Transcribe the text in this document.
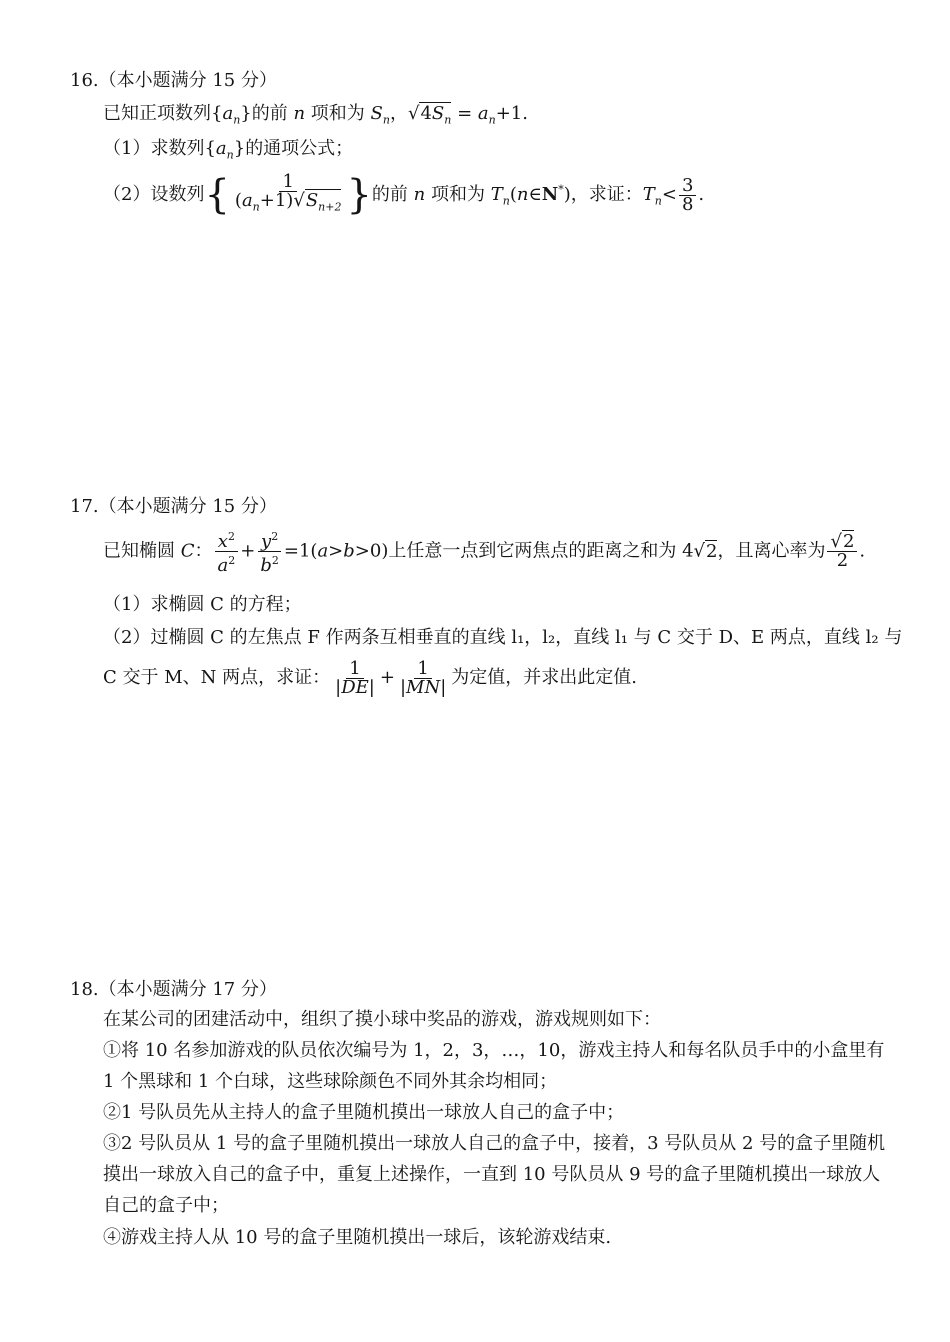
16.（本小题满分 15 分）
已知正项数列$\{a_n\}$的前 n 项和为 $S_n$，$√4S_n = a_n+1$.
（1）求数列$\{a_n\}$的通项公式；
（2）设数列{ $\frac{1}{(a_n+1)√S_{n+2}}$ }的前 n 项和为 $T_n(n\in N^*)$，求证：$T_n< \frac{3}{8}$ .
17.（本小题满分 15 分）
已知椭圆 C： $\frac{x^2}{a^2} + \frac{y^2}{b^2} =1(a>b>0)$上任意一点到它两焦点的距离之和为 4√2，且离心率为 $\frac{√2}{2}$ .
（1）求椭圆 C 的方程；
（2）过椭圆 C 的左焦点 F 作两条互相垂直的直线 l₁，l₂，直线 l₁ 与 C 交于 D、E 两点，直线 l₂ 与
C 交于 M、N 两点，求证： $\frac{1}{|DE|} + \frac{1}{|MN|}$ 为定值，并求出此定值.
18.（本小题满分 17 分）
在某公司的团建活动中，组织了摸小球中奖品的游戏，游戏规则如下：
①将 10 名参加游戏的队员依次编号为 1，2，3，…，10，游戏主持人和每名队员手中的小盒里有
1 个黑球和 1 个白球，这些球除颜色不同外其余均相同；
②1 号队员先从主持人的盒子里随机摸出一球放人自己的盒子中；
③2 号队员从 1 号的盒子里随机摸出一球放人自己的盒子中，接着，3 号队员从 2 号的盒子里随机
摸出一球放入自己的盒子中，重复上述操作，一直到 10 号队员从 9 号的盒子里随机摸出一球放人
自己的盒子中；
④游戏主持人从 10 号的盒子里随机摸出一球后，该轮游戏结束.
